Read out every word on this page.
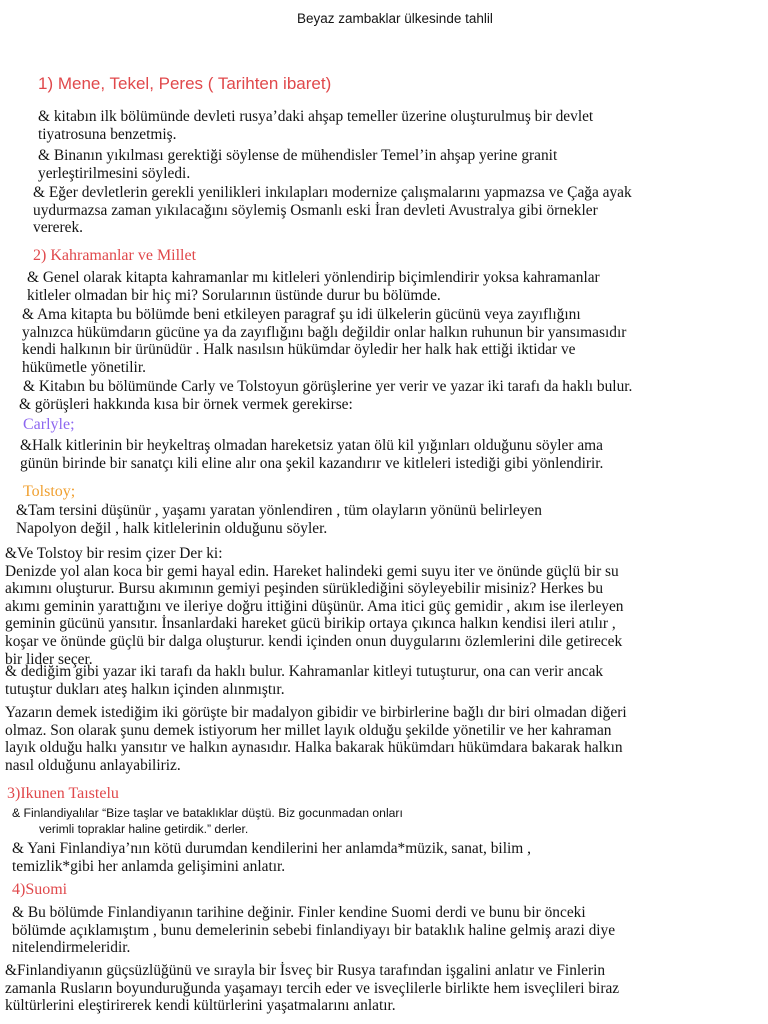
Beyaz zambaklar ülkesinde tahlil
1) Mene, Tekel, Peres ( Tarihten ibaret)
& kitabın ilk bölümünde devleti rusya’daki ahşap temeller üzerine oluşturulmuş bir devlet
tiyatrosuna benzetmiş.
& Binanın yıkılması gerektiği söylense de mühendisler Temel’in ahşap yerine granit
yerleştirilmesini söyledi.
& Eğer devletlerin gerekli yenilikleri inkılapları modernize çalışmalarını yapmazsa ve Çağa ayak
uydurmazsa zaman yıkılacağını söylemiş Osmanlı eski İran devleti Avustralya gibi örnekler
vererek.
2) Kahramanlar ve Millet
& Genel olarak kitapta kahramanlar mı kitleleri yönlendirip biçimlendirir yoksa kahramanlar
kitleler olmadan bir hiç mi? Sorularının üstünde durur bu bölümde.
& Ama kitapta bu bölümde beni etkileyen paragraf şu idi ülkelerin gücünü veya zayıflığını
yalnızca hükümdarın gücüne ya da zayıflığını bağlı değildir onlar halkın ruhunun bir yansımasıdır
kendi halkının bir ürünüdür . Halk nasılsın hükümdar öyledir her halk hak ettiği iktidar ve
hükümetle yönetilir.
& Kitabın bu bölümünde Carly ve Tolstoyun görüşlerine yer verir ve yazar iki tarafı da haklı bulur.
& görüşleri hakkında kısa bir örnek vermek gerekirse:
Carlyle;
&Halk kitlerinin bir heykeltraş olmadan hareketsiz yatan ölü kil yığınları olduğunu söyler ama
günün birinde bir sanatçı kili eline alır ona şekil kazandırır ve kitleleri istediği gibi yönlendirir.
Tolstoy;
&Tam tersini düşünür , yaşamı yaratan yönlendiren , tüm olayların yönünü belirleyen
Napolyon değil , halk kitlelerinin olduğunu söyler.
&Ve Tolstoy bir resim çizer Der ki:
Denizde yol alan koca bir gemi hayal edin. Hareket halindeki gemi suyu iter ve önünde güçlü bir su
akımını oluşturur. Bursu akımının gemiyi peşinden sürüklediğini söyleyebilir misiniz? Herkes bu
akımı geminin yarattığını ve ileriye doğru ittiğini düşünür. Ama itici güç gemidir , akım ise ilerleyen
geminin gücünü yansıtır. İnsanlardaki hareket gücü birikip ortaya çıkınca halkın kendisi ileri atılır ,
koşar ve önünde güçlü bir dalga oluşturur. kendi içinden onun duygularını özlemlerini dile getirecek
bir lider seçer.
& dediğim gibi yazar iki tarafı da haklı bulur. Kahramanlar kitleyi tutuşturur, ona can verir ancak
tutuştur dukları ateş halkın içinden alınmıştır.
Yazarın demek istediğim iki görüşte bir madalyon gibidir ve birbirlerine bağlı dır biri olmadan diğeri
olmaz. Son olarak şunu demek istiyorum her millet layık olduğu şekilde yönetilir ve her kahraman
layık olduğu halkı yansıtır ve halkın aynasıdır. Halka bakarak hükümdarı hükümdara bakarak halkın
nasıl olduğunu anlayabiliriz.
3)Ikunen Taıstelu
& Finlandiyalılar “Bize taşlar ve bataklıklar düştü. Biz gocunmadan onları
verimli topraklar haline getirdik.” derler.
& Yani Finlandiya’nın kötü durumdan kendilerini her anlamda*müzik, sanat, bilim ,
temizlik*gibi her anlamda gelişimini anlatır.
4)Suomi
& Bu bölümde Finlandiyanın tarihine değinir. Finler kendine Suomi derdi ve bunu bir önceki
bölümde açıklamıştım , bunu demelerinin sebebi finlandiyayı bir bataklık haline gelmiş arazi diye
nitelendirmeleridir.
&Finlandiyanın güçsüzlüğünü ve sırayla bir İsveç bir Rusya tarafından işgalini anlatır ve Finlerin
zamanla Rusların boyunduruğunda yaşamayı tercih eder ve isveçlilerle birlikte hem isveçlileri biraz
kültürlerini eleştirirerek kendi kültürlerini yaşatmalarını anlatır.
